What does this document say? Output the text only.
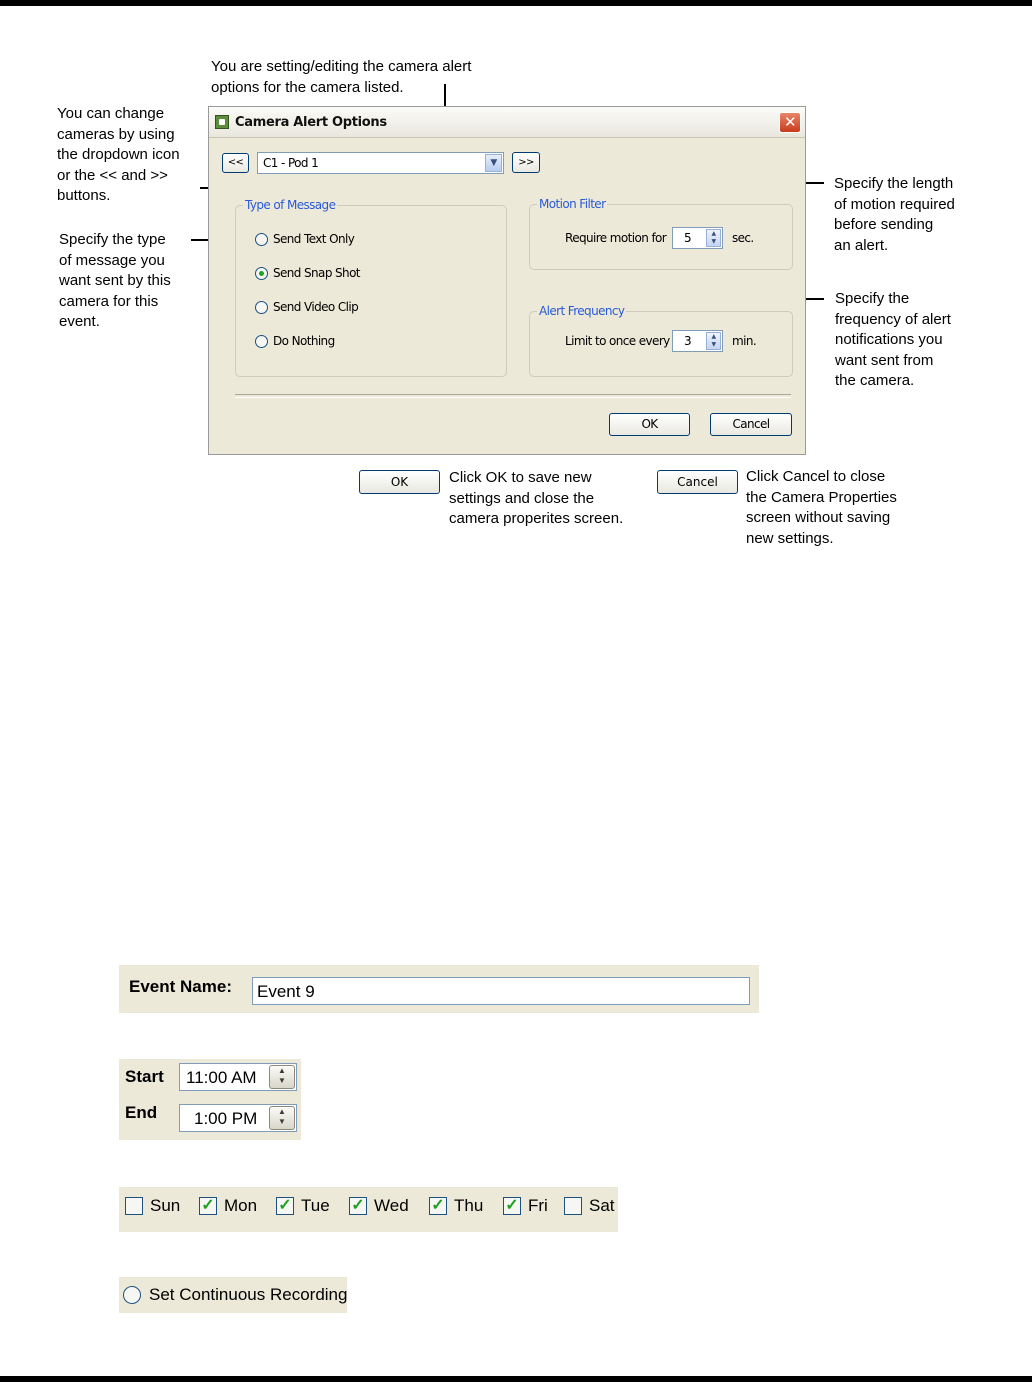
You are setting/editing the camera alert
options for the camera listed.
You can change
cameras by using
the dropdown icon
or the << and >>
buttons.
Specify the type
of message you
want sent by this
camera for this
event.
Specify the length
of motion required
before sending
an alert.
Specify the
frequency of alert
notifications you
want sent from
the camera.
Camera Alert Options	✕
<<	C1 - Pod 1	▼	>>
Type of Message
Send Text Only
Send Snap Shot
Send Video Clip
Do Nothing
Motion Filter
Require motion for 5	▲
▼	sec.
Alert Frequency
Limit to once every 3	▲
▼	min.
OK	Cancel
OK	Click OK to save new
settings and close the
camera properites screen.
Cancel	Click Cancel to close
the Camera Properties
screen without saving
new settings.
Event Name: Event 9
Start 11:00 AM	▲
▼
End 1:00 PM	▲
▼
Sun ✓ Mon ✓ Tue ✓ Wed ✓ Thu ✓ Fri Sat
Set Continuous Recording
